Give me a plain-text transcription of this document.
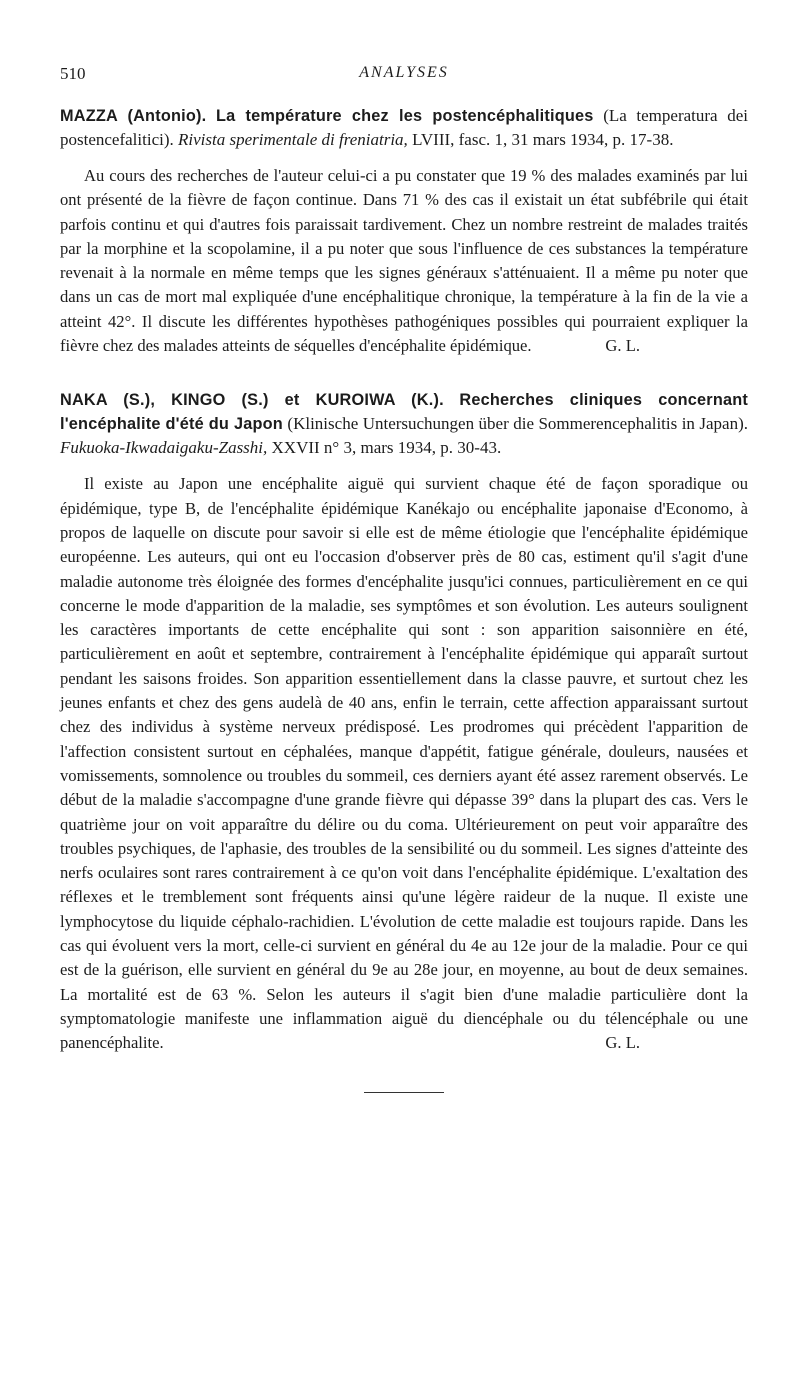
510	ANALYSES

MAZZA (Antonio). La température chez les postencéphalitiques (La temperatura dei postencefalitici). Rivista sperimentale di freniatria, LVIII, fasc. 1, 31 mars 1934, p. 17-38.

Au cours des recherches de l'auteur celui-ci a pu constater que 19 % des malades examinés par lui ont présenté de la fièvre de façon continue. Dans 71 % des cas il existait un état subfébrile qui était parfois continu et qui d'autres fois paraissait tardivement. Chez un nombre restreint de malades traités par la morphine et la scopolamine, il a pu noter que sous l'influence de ces substances la température revenait à la normale en même temps que les signes généraux s'atténuaient. Il a même pu noter que dans un cas de mort mal expliquée d'une encéphalitique chronique, la température à la fin de la vie a atteint 42°. Il discute les différentes hypothèses pathogéniques possibles qui pourraient expliquer la fièvre chez des malades atteints de séquelles d'encéphalite épidémique.	G. L.

NAKA (S.), KINGO (S.) et KUROIWA (K.). Recherches cliniques concernant l'encéphalite d'été du Japon (Klinische Untersuchungen über die Sommerencephalitis in Japan). Fukuoka-Ikwadaigaku-Zasshi, XXVII n° 3, mars 1934, p. 30-43.

Il existe au Japon une encéphalite aiguë qui survient chaque été de façon sporadique ou épidémique, type B, de l'encéphalite épidémique Kanékajo ou encéphalite japonaise d'Economo, à propos de laquelle on discute pour savoir si elle est de même étiologie que l'encéphalite épidémique européenne. Les auteurs, qui ont eu l'occasion d'observer près de 80 cas, estiment qu'il s'agit d'une maladie autonome très éloignée des formes d'encéphalite jusqu'ici connues, particulièrement en ce qui concerne le mode d'apparition de la maladie, ses symptômes et son évolution. Les auteurs soulignent les caractères importants de cette encéphalite qui sont : son apparition saisonnière en été, particulièrement en août et septembre, contrairement à l'encéphalite épidémique qui apparaît surtout pendant les saisons froides. Son apparition essentiellement dans la classe pauvre, et surtout chez les jeunes enfants et chez des gens audelà de 40 ans, enfin le terrain, cette affection apparaissant surtout chez des individus à système nerveux prédisposé. Les prodromes qui précèdent l'apparition de l'affection consistent surtout en céphalées, manque d'appétit, fatigue générale, douleurs, nausées et vomissements, somnolence ou troubles du sommeil, ces derniers ayant été assez rarement observés. Le début de la maladie s'accompagne d'une grande fièvre qui dépasse 39° dans la plupart des cas. Vers le quatrième jour on voit apparaître du délire ou du coma. Ultérieurement on peut voir apparaître des troubles psychiques, de l'aphasie, des troubles de la sensibilité ou du sommeil. Les signes d'atteinte des nerfs oculaires sont rares contrairement à ce qu'on voit dans l'encéphalite épidémique. L'exaltation des réflexes et le tremblement sont fréquents ainsi qu'une légère raideur de la nuque. Il existe une lymphocytose du liquide céphalo-rachidien. L'évolution de cette maladie est toujours rapide. Dans les cas qui évoluent vers la mort, celle-ci survient en général du 4e au 12e jour de la maladie. Pour ce qui est de la guérison, elle survient en général du 9e au 28e jour, en moyenne, au bout de deux semaines. La mortalité est de 63 %. Selon les auteurs il s'agit bien d'une maladie particulière dont la symptomatologie manifeste une inflammation aiguë du diencéphale ou du télencéphale ou une panencéphalite.	G. L.
